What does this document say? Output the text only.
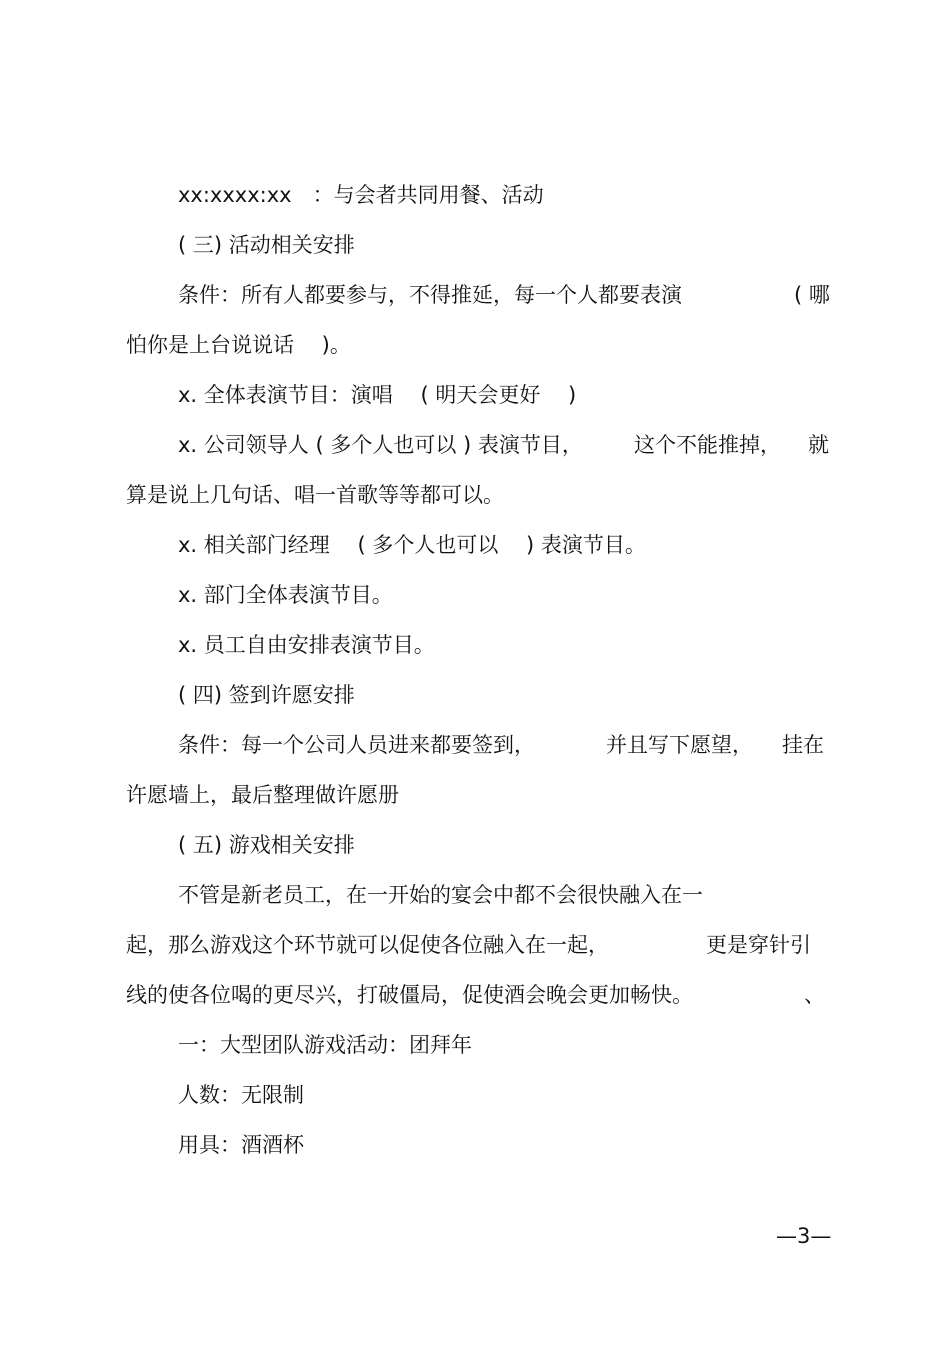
xx:xxxx:xx　：与会者共同用餐、活动
( 三) 活动相关安排

条件：所有人都要参与，不得推延，每一个人都要表演

	( 哪

怕你是上台说说话 　)。
x. 全体表演节目：演唱 　( 明天会更好 　)

x. 公司领导人 ( 多个人也可以 ) 表演节目，

这个不能推掉，

就

算是说上几句话、唱一首歌等等都可以。
x. 相关部门经理 　( 多个人也可以 　) 表演节目。
x. 部门全体表演节目。
x. 员工自由安排表演节目。
( 四) 签到许愿安排

条件：每一个公司人员进来都要签到，

	并且写下愿望，

挂在

许愿墙上，最后整理做许愿册
( 五) 游戏相关安排
不管是新老员工，在一开始的宴会中都不会很快融入在一

起，那么游戏这个环节就可以促使各位融入在一起，

	更是穿针引

线的使各位喝的更尽兴，打破僵局，促使酒会晚会更加畅快。

	、

一：大型团队游戏活动：团拜年
人数：无限制
用具：酒酒杯
—3—
